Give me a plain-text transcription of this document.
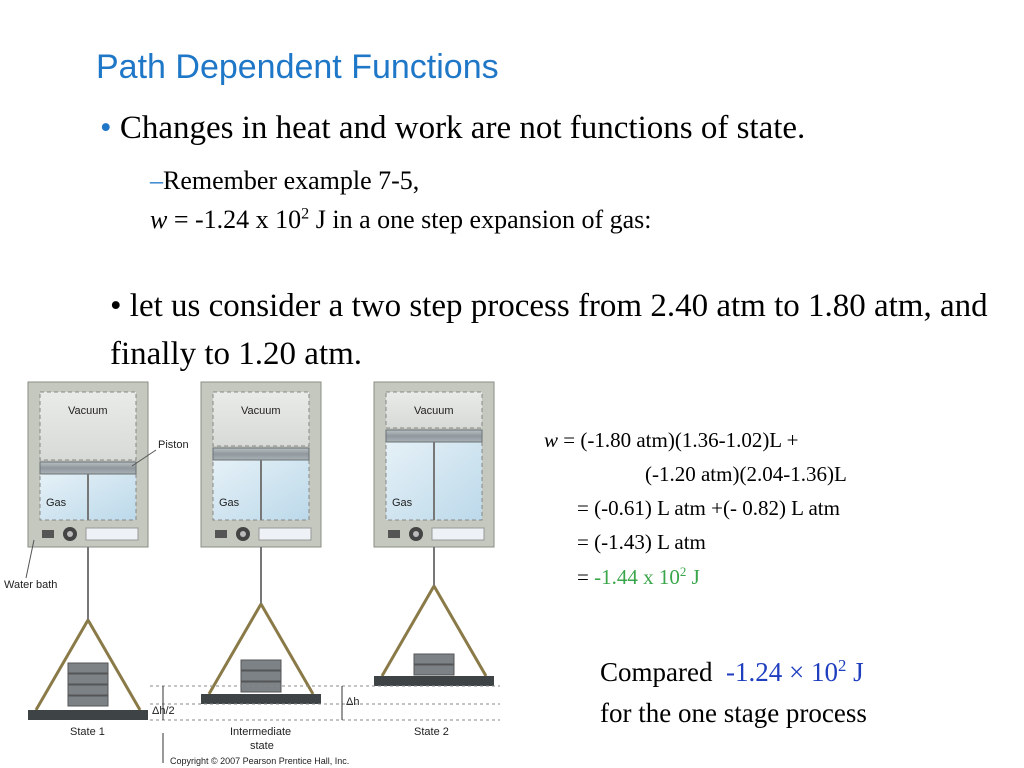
Path Dependent Functions
• Changes in heat and work are not functions of state.
–Remember example 7-5,
w = -1.24 x $10^2$ J in a one step expansion of gas:
• let us consider a two step process from 2.40 atm to 1.80 atm, and finally to 1.20 atm.
w = (-1.80 atm)(1.36-1.02)L +
(-1.20 atm)(2.04-1.36)L
= (-0.61) L atm +(- 0.82) L atm
= (-1.43) L atm
= -1.44 x $10^2$ J
Compared $-1.24 \times 10^2$ J
for the one stage process
Vacuum	Vacuum	Vacuum
Gas	Gas	Gas
Piston
Water bath
Δh/2
Δh
State 1	Intermediate
state
State 2
Copyright © 2007 Pearson Prentice Hall, Inc.
